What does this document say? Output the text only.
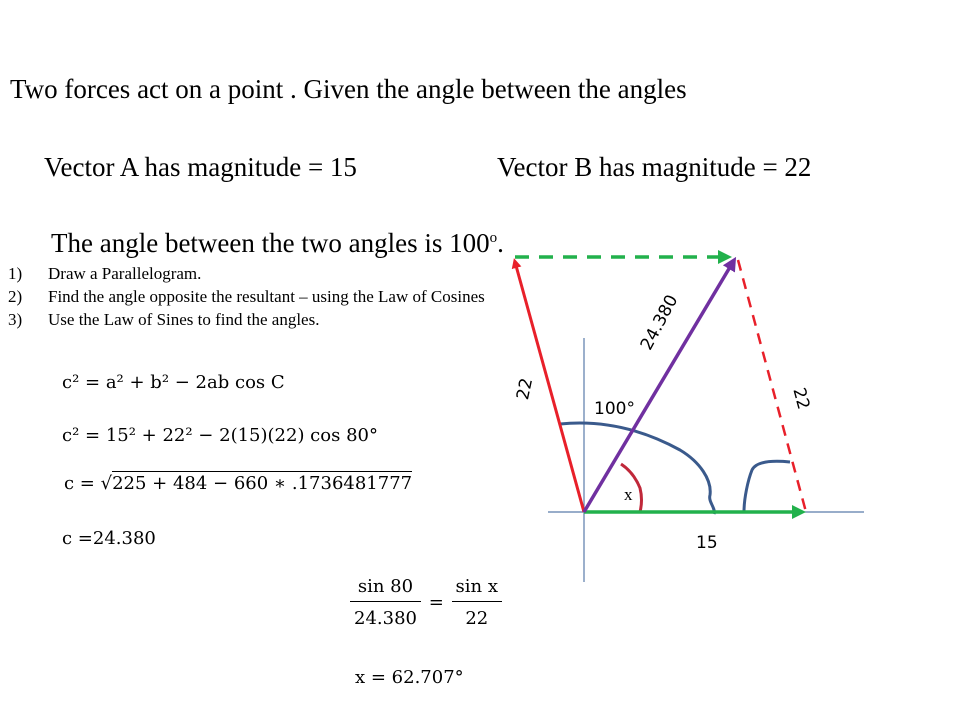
Two forces act on a point . Given the angle between the angles
Vector A has magnitude = 15	Vector B has magnitude = 22
The angle between the two angles is 100$^o$.
1) Draw a Parallelogram.
2) Find the angle opposite the resultant – using the Law of Cosines
3) Use the Law of Sines to find the angles.
c² = a² + b² − 2ab cos C
c² = 15² + 22² − 2(15)(22) cos 80°
c = √225 + 484 − 660 ∗ .1736481777
c =24.380
$\frac{\sin 80}{24.380} = \frac{\text{sin x}}{22}$
x = 62.707°
22	22
24.380
15
100°
x
